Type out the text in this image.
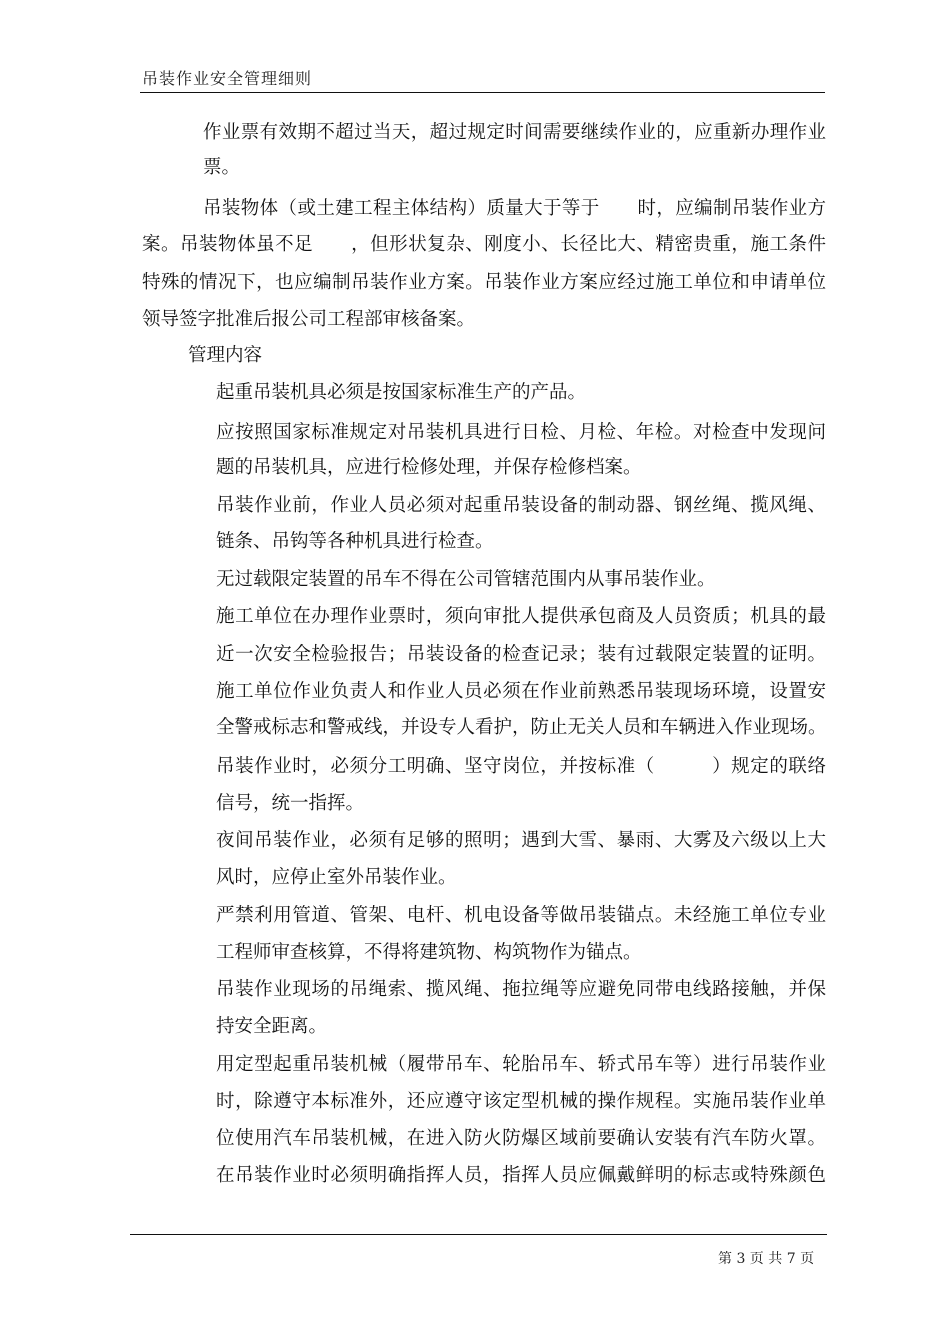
吊装作业安全管理细则
作业票有效期不超过当天，超过规定时间需要继续作业的，应重新办理作业
票。
吊装物体（或土建工程主体结构）质量大于等于　　时，应编制吊装作业方
案。吊装物体虽不足　　，但形状复杂、刚度小、长径比大、精密贵重，施工条件
特殊的情况下，也应编制吊装作业方案。吊装作业方案应经过施工单位和申请单位
领导签字批准后报公司工程部审核备案。
管理内容
起重吊装机具必须是按国家标准生产的产品。
应按照国家标准规定对吊装机具进行日检、月检、年检。对检查中发现问
题的吊装机具，应进行检修处理，并保存检修档案。
吊装作业前，作业人员必须对起重吊装设备的制动器、钢丝绳、揽风绳、
链条、吊钩等各种机具进行检查。
无过载限定装置的吊车不得在公司管辖范围内从事吊装作业。
施工单位在办理作业票时，须向审批人提供承包商及人员资质；机具的最
近一次安全检验报告；吊装设备的检查记录；装有过载限定装置的证明。
施工单位作业负责人和作业人员必须在作业前熟悉吊装现场环境，设置安
全警戒标志和警戒线，并设专人看护，防止无关人员和车辆进入作业现场。
吊装作业时，必须分工明确、坚守岗位，并按标准（　　　）规定的联络
信号，统一指挥。
夜间吊装作业，必须有足够的照明；遇到大雪、暴雨、大雾及六级以上大
风时，应停止室外吊装作业。
严禁利用管道、管架、电杆、机电设备等做吊装锚点。未经施工单位专业
工程师审查核算，不得将建筑物、构筑物作为锚点。
吊装作业现场的吊绳索、揽风绳、拖拉绳等应避免同带电线路接触，并保
持安全距离。
用定型起重吊装机械（履带吊车、轮胎吊车、轿式吊车等）进行吊装作业
时，除遵守本标准外，还应遵守该定型机械的操作规程。实施吊装作业单
位使用汽车吊装机械，在进入防火防爆区域前要确认安装有汽车防火罩。
在吊装作业时必须明确指挥人员，指挥人员应佩戴鲜明的标志或特殊颜色
第 3 页 共 7 页
